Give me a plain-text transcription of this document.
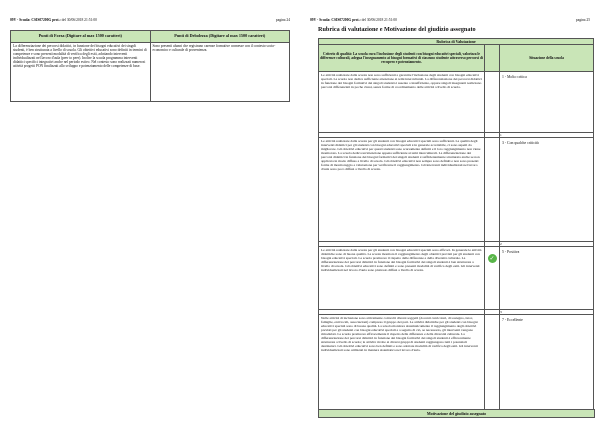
09V - Scuola: CSIS07200G prot.: del 30/06/2018 21:51:00	pagina 24
Punti di Forza (Digitare al max 1500 caratteri)	Punti di Debolezza (Digitare al max 1500 caratteri)
La differenziazione dei percorsi didattici, in funzione dei bisogni educativi dei singoli studenti, è ben strutturata a livello di scuola. Gli obiettivi educativi sono definiti in termini di competenze e sono presenti modalità di verifica degli esiti, adottando interventi individualizzati nel lavoro d'aula (peer to peer). Inoltre la scuola programma interventi didattici specifici integrativi anche nel periodo estivo. Nel contesto sono realizzati numerosi attività progetti PON finalizzati allo sviluppo e potenziamento delle competenze di base.	Sono presenti alunni che registrano carenze formative connesse con il contesto socio-economico e culturale di provenienza.
09V - Scuola: CSIS07200G prot.: del 30/06/2018 21:51:00	pagina 25
Rubrica di valutazione e Motivazione del giudizio assegnato
Rubrica di Valutazione		
Criterio di qualità: La scuola cura l'inclusione degli studenti con bisogni educativi speciali, valorizza le differenze culturali, adegua l'insegnamento ai bisogni formativi di ciascuno studente attraverso percorsi di recupero e potenziamento.		Situazione della scuola
Le attività realizzate dalla scuola non sono sufficienti a garantire l'inclusione degli studenti con bisogni educativi speciali. La scuola non dedica sufficiente attenzione ai temi interculturali. La differenziazione dei percorsi didattici in funzione dei bisogni formativi dei singoli studenti è assente o insufficiente, oppure singoli insegnanti realizzano percorsi differenziati in poche classi, senza forme di coordinamento delle attività a livello di scuola.		1 - Molto critica

		1
Le attività realizzate dalla scuola per gli studenti con bisogni educativi speciali sono sufficienti. La qualità degli interventi didattici per gli studenti con bisogni educativi speciali è in generale accettabile, ci sono aspetti da migliorare. Gli obiettivi educativi per questi studenti sono scarsamente definiti e il loro raggiungimento non viene monitorato. La scuola dedica un'attenzione appena sufficiente ai temi interculturali. La differenziazione dei percorsi didattici in funzione dei bisogni formativi dei singoli studenti è sufficientemente strutturata anche se non applicata in modo diffuso a livello di scuola. Gli obiettivi educativi non sempre sono definiti e non sono presenti forme di monitoraggio e valutazione per verificarne il raggiungimento. Gli interventi individualizzati nel lavoro d'aula sono poco diffusi a livello di scuola.		3 - Con qualche criticità

		2
Le attività realizzate dalla scuola per gli studenti con bisogni educativi speciali sono efficaci. In generale le attività didattiche sono di buona qualità. La scuola monitora il raggiungimento degli obiettivi previsti per gli studenti con bisogni educativi speciali. La scuola promuove il rispetto delle differenze e della diversità culturale. La differenziazione dei percorsi didattici in funzione dei bisogni formativi dei singoli studenti è ben strutturata a livello di scuola. Gli obiettivi educativi sono definiti e sono presenti modalità di verifica degli esiti. Gli interventi individualizzati nel lavoro d'aula sono piuttosto diffusi a livello di scuola.	✓	5 - Positiva

		3
Nelle attività di inclusione sono attivamente coinvolti diversi soggetti (docenti curricolari, di sostegno, tutor, famiglie, enti locali, associazioni) compreso il gruppo dei pari. Le attività didattiche per gli studenti con bisogni educativi speciali sono di buona qualità. La scuola monitora sistematicamente il raggiungimento degli obiettivi previsti per gli studenti con bisogni educativi speciali e a seguito di ciò, se necessario, gli interventi vengono rimodulati. La scuola promuove efficacemente il rispetto delle differenze e della diversità culturale. La differenziazione dei percorsi didattici in funzione dei bisogni formativi dei singoli studenti è efficacemente strutturata a livello di scuola; le attività rivolte ai diversi gruppi di studenti raggiungono tutti i potenziali destinatari. Gli obiettivi educativi sono ben definiti e sono adottate modalità di verifica degli esiti. Gli interventi individualizzati sono utilizzati in maniera sistematica nel lavoro d'aula.		7 - Eccellente
Motivazione del giudizio assegnato
